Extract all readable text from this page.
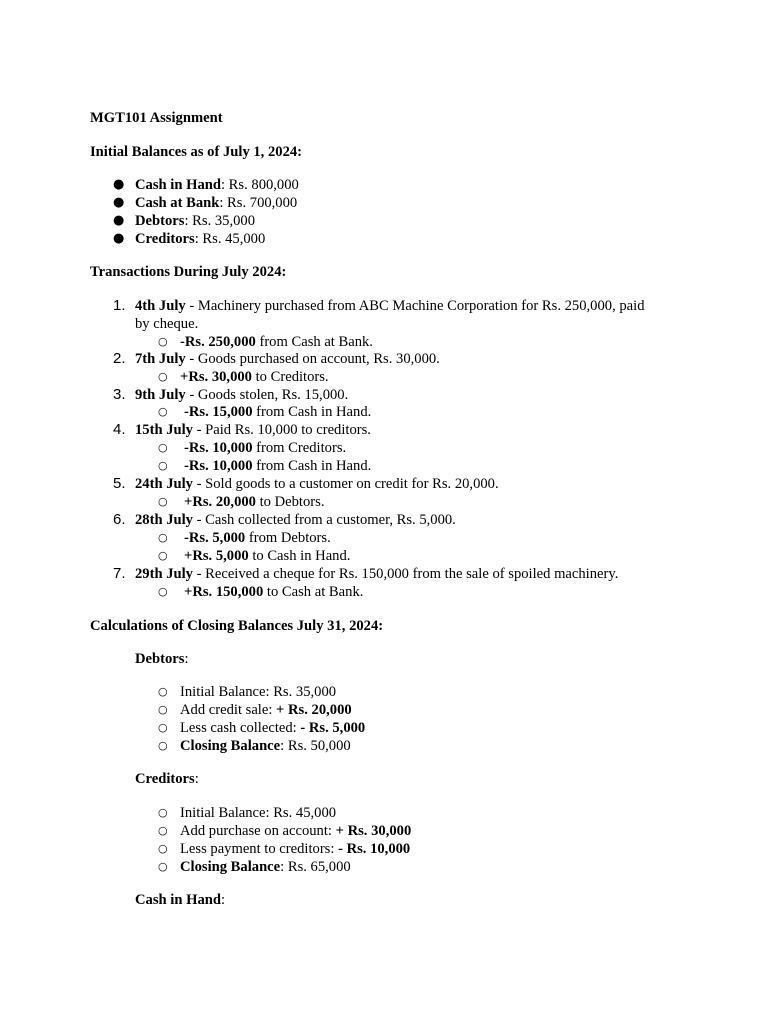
MGT101 Assignment
Initial Balances as of July 1, 2024:
● Cash in Hand: Rs. 800,000
● Cash at Bank: Rs. 700,000
● Debtors: Rs. 35,000
● Creditors: Rs. 45,000
Transactions During July 2024:
1. 4th July - Machinery purchased from ABC Machine Corporation for Rs. 250,000, paid
by cheque.
○ -Rs. 250,000 from Cash at Bank.
2. 7th July - Goods purchased on account, Rs. 30,000.
○ +Rs. 30,000 to Creditors.
3. 9th July - Goods stolen, Rs. 15,000.
○ -Rs. 15,000 from Cash in Hand.
4. 15th July - Paid Rs. 10,000 to creditors.
○ -Rs. 10,000 from Creditors.
○ -Rs. 10,000 from Cash in Hand.
5. 24th July - Sold goods to a customer on credit for Rs. 20,000.
○ +Rs. 20,000 to Debtors.
6. 28th July - Cash collected from a customer, Rs. 5,000.
○ -Rs. 5,000 from Debtors.
○ +Rs. 5,000 to Cash in Hand.
7. 29th July - Received a cheque for Rs. 150,000 from the sale of spoiled machinery.
○ +Rs. 150,000 to Cash at Bank.
Calculations of Closing Balances July 31, 2024:
Debtors:
○ Initial Balance: Rs. 35,000
○ Add credit sale: + Rs. 20,000
○ Less cash collected: - Rs. 5,000
○ Closing Balance: Rs. 50,000
Creditors:
○ Initial Balance: Rs. 45,000
○ Add purchase on account: + Rs. 30,000
○ Less payment to creditors: - Rs. 10,000
○ Closing Balance: Rs. 65,000
Cash in Hand:
